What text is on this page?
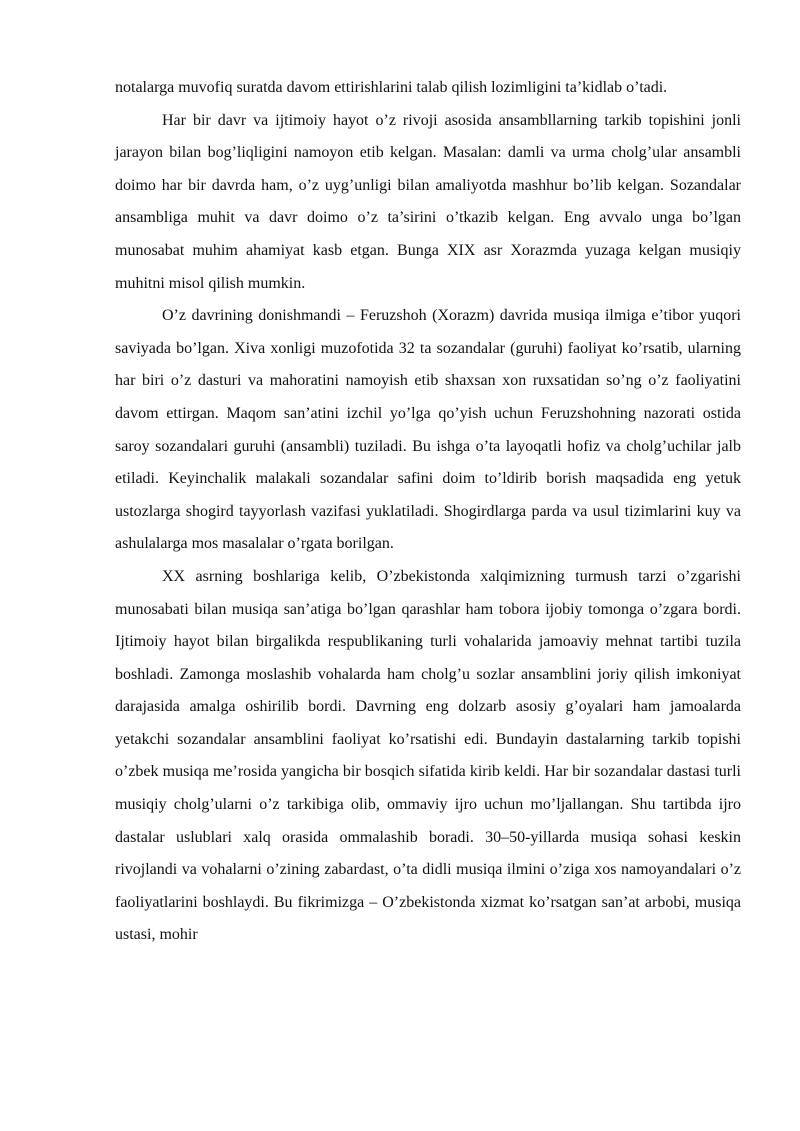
notalarga muvofiq suratda davom ettirishlarini talab qilish lozimligini ta’kidlab o’tadi.

Har bir davr va ijtimoiy hayot o’z rivoji asosida ansambllarning tarkib topishini jonli jarayon bilan bog’liqligini namoyon etib kelgan. Masalan: damli va urma cholg’ular ansambli doimo har bir davrda ham, o’z uyg’unligi bilan amaliyotda mashhur bo’lib kelgan. Sozandalar ansambliga muhit va davr doimo o’z ta’sirini o’tkazib kelgan. Eng avvalo unga bo’lgan munosabat muhim ahamiyat kasb etgan. Bunga XIX asr Xorazmda yuzaga kelgan musiqiy muhitni misol qilish mumkin.

O’z davrining donishmandi – Feruzshoh (Xorazm) davrida musiqa ilmiga e’tibor yuqori saviyada bo’lgan. Xiva xonligi muzofotida 32 ta sozandalar (guruhi) faoliyat ko’rsatib, ularning har biri o’z dasturi va mahoratini namoyish etib shaxsan xon ruxsatidan so’ng o’z faoliyatini davom ettirgan. Maqom san’atini izchil yo’lga qo’yish uchun Feruzshohning nazorati ostida saroy sozandalari guruhi (ansambli) tuziladi. Bu ishga o’ta layoqatli hofiz va cholg’uchilar jalb etiladi. Keyinchalik malakali sozandalar safini doim to’ldirib borish maqsadida eng yetuk ustozlarga shogird tayyorlash vazifasi yuklatiladi. Shogirdlarga parda va usul tizimlarini kuy va ashulalarga mos masalalar o’rgata borilgan.

XX asrning boshlariga kelib, O’zbekistonda xalqimizning turmush tarzi o’zgarishi munosabati bilan musiqa san’atiga bo’lgan qarashlar ham tobora ijobiy tomonga o’zgara bordi. Ijtimoiy hayot bilan birgalikda respublikaning turli vohalarida jamoaviy mehnat tartibi tuzila boshladi. Zamonga moslashib vohalarda ham cholg’u sozlar ansamblini joriy qilish imkoniyat darajasida amalga oshirilib bordi. Davrning eng dolzarb asosiy g’oyalari ham jamoalarda yetakchi sozandalar ansamblini faoliyat ko’rsatishi edi. Bundayin dastalarning tarkib topishi o’zbek musiqa me’rosida yangicha bir bosqich sifatida kirib keldi. Har bir sozandalar dastasi turli musiqiy cholg’ularni o’z tarkibiga olib, ommaviy ijro uchun mo’ljallangan. Shu tartibda ijro dastalar uslublari xalq orasida ommalashib boradi. 30–50-yillarda musiqa sohasi keskin rivojlandi va vohalarni o’zining zabardast, o’ta didli musiqa ilmini o’ziga xos namoyandalari o’z faoliyatlarini boshlaydi. Bu fikrimizga – O’zbekistonda xizmat ko’rsatgan san’at arbobi, musiqa ustasi, mohir
